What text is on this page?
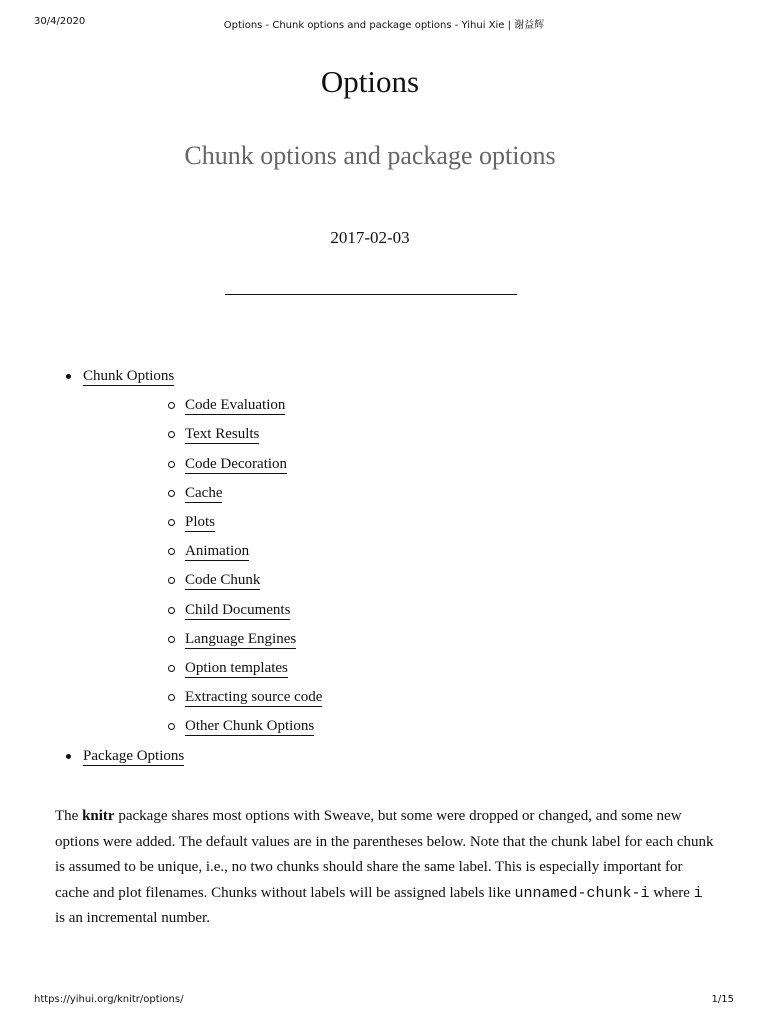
30/4/2020	Options - Chunk options and package options - Yihui Xie | 谢益辉
Options
Chunk options and package options
2017-02-03
Chunk Options
Code Evaluation
Text Results
Code Decoration
Cache
Plots
Animation
Code Chunk
Child Documents
Language Engines
Option templates
Extracting source code
Other Chunk Options
Package Options

The knitr package shares most options with Sweave, but some were dropped or changed, and some new options were added. The default values are in the parentheses below. Note that the chunk label for each chunk is assumed to be unique, i.e., no two chunks should share the same label. This is especially important for cache and plot filenames. Chunks without labels will be assigned labels like unnamed-chunk-i where i is an incremental number.

https://yihui.org/knitr/options/	1/15
